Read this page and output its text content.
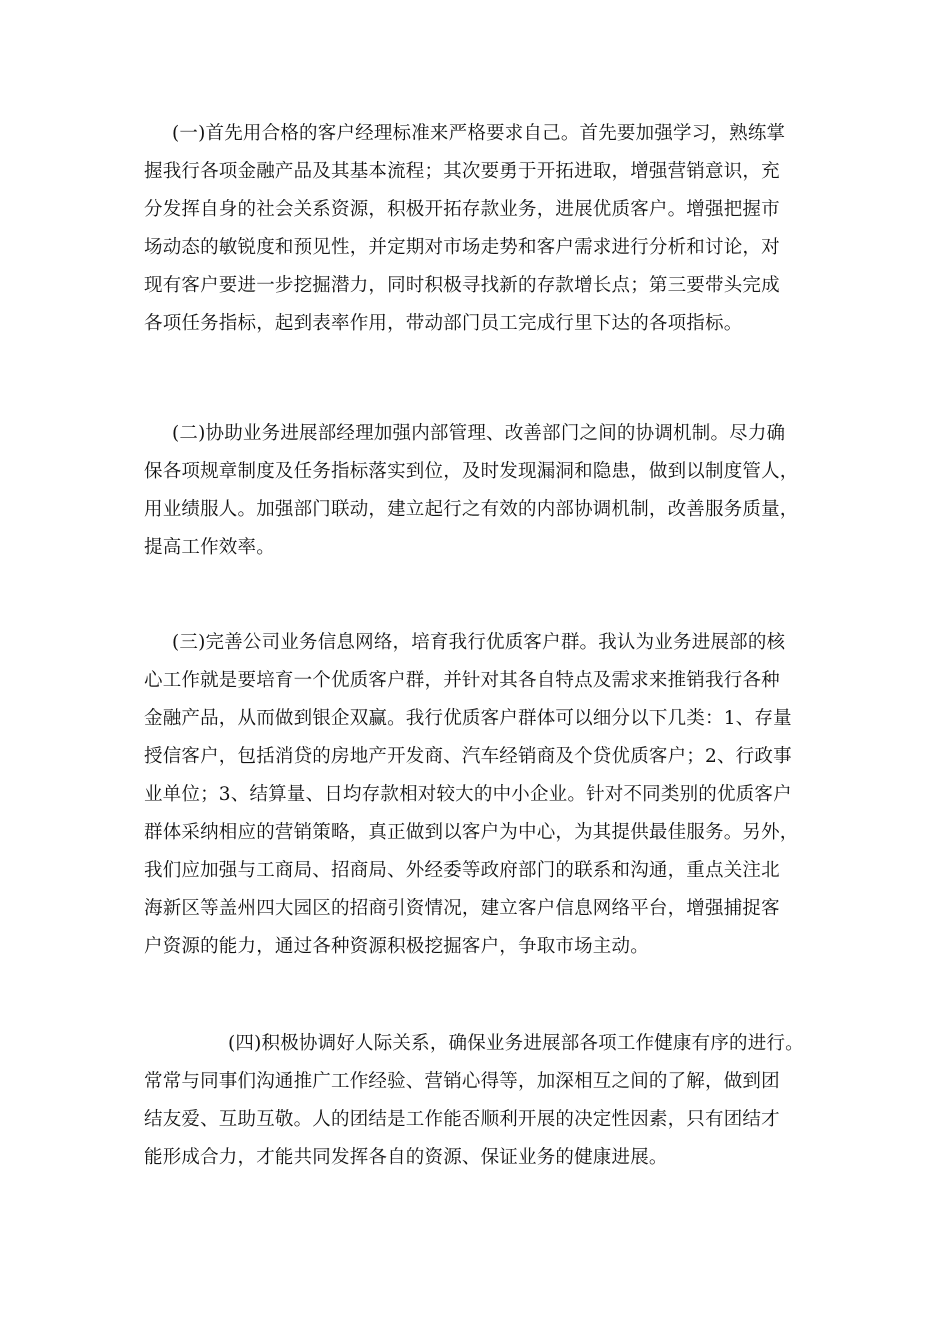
(一)首先用合格的客户经理标准来严格要求自己。首先要加强学习，熟练掌
握我行各项金融产品及其基本流程；其次要勇于开拓进取，增强营销意识，充
分发挥自身的社会关系资源，积极开拓存款业务，进展优质客户。增强把握市
场动态的敏锐度和预见性，并定期对市场走势和客户需求进行分析和讨论，对
现有客户要进一步挖掘潜力，同时积极寻找新的存款增长点；第三要带头完成
各项任务指标，起到表率作用，带动部门员工完成行里下达的各项指标。
(二)协助业务进展部经理加强内部管理、改善部门之间的协调机制。尽力确
保各项规章制度及任务指标落实到位，及时发现漏洞和隐患，做到以制度管人，
用业绩服人。加强部门联动，建立起行之有效的内部协调机制，改善服务质量，
提高工作效率。
(三)完善公司业务信息网络，培育我行优质客户群。我认为业务进展部的核
心工作就是要培育一个优质客户群，并针对其各自特点及需求来推销我行各种
金融产品，从而做到银企双赢。我行优质客户群体可以细分以下几类：1、存量
授信客户，包括消贷的房地产开发商、汽车经销商及个贷优质客户；2、行政事
业单位；3、结算量、日均存款相对较大的中小企业。针对不同类别的优质客户
群体采纳相应的营销策略，真正做到以客户为中心，为其提供最佳服务。另外，
我们应加强与工商局、招商局、外经委等政府部门的联系和沟通，重点关注北
海新区等盖州四大园区的招商引资情况，建立客户信息网络平台，增强捕捉客
户资源的能力，通过各种资源积极挖掘客户，争取市场主动。
(四)积极协调好人际关系，确保业务进展部各项工作健康有序的进行。
常常与同事们沟通推广工作经验、营销心得等，加深相互之间的了解，做到团
结友爱、互助互敬。人的团结是工作能否顺利开展的决定性因素，只有团结才
能形成合力，才能共同发挥各自的资源、保证业务的健康进展。
